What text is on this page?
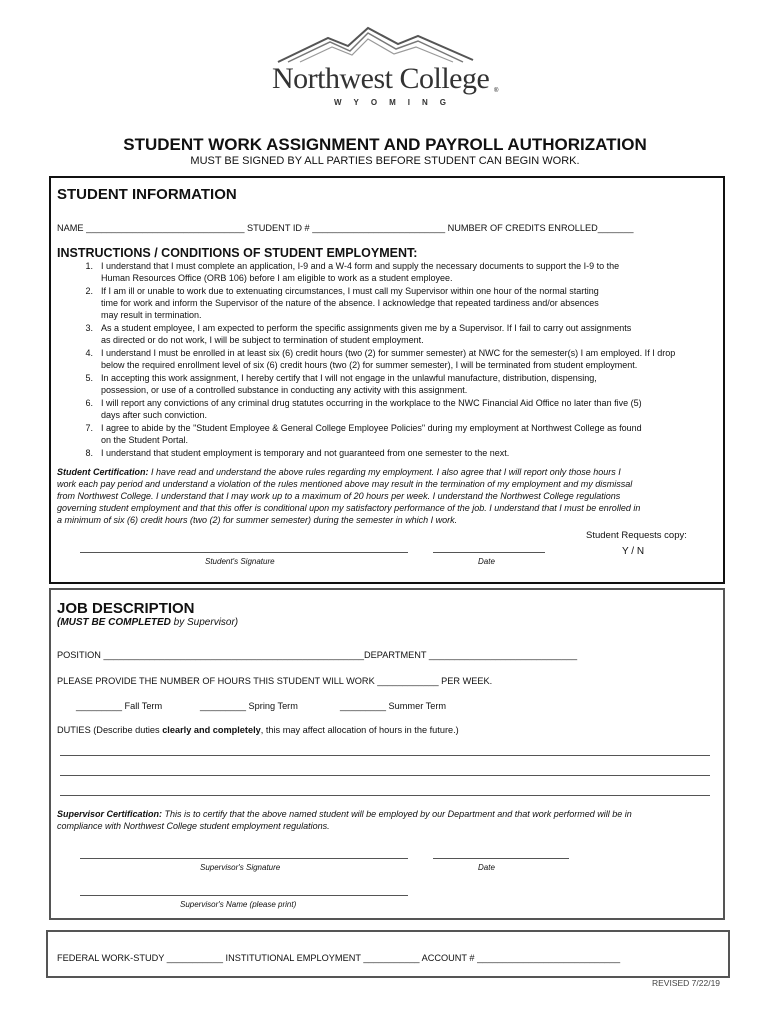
Northwest College ®
WYOMING
STUDENT WORK ASSIGNMENT AND PAYROLL AUTHORIZATION
MUST BE SIGNED BY ALL PARTIES BEFORE STUDENT CAN BEGIN WORK.
STUDENT INFORMATION
NAME _______________________________ STUDENT ID # __________________________ NUMBER OF CREDITS ENROLLED_______
INSTRUCTIONS / CONDITIONS OF STUDENT EMPLOYMENT:
1. I understand that I must complete an application, I-9 and a W-4 form and supply the necessary documents to support the I-9 to the
Human Resources Office (ORB 106) before I am eligible to work as a student employee.
2. If I am ill or unable to work due to extenuating circumstances, I must call my Supervisor within one hour of the normal starting
time for work and inform the Supervisor of the nature of the absence. I acknowledge that repeated tardiness and/or absences
may result in termination.
3. As a student employee, I am expected to perform the specific assignments given me by a Supervisor. If I fail to carry out assignments
as directed or do not work, I will be subject to termination of student employment.
4. I understand I must be enrolled in at least six (6) credit hours (two (2) for summer semester) at NWC for the semester(s) I am employed. If I drop
below the required enrollment level of six (6) credit hours (two (2) for summer semester), I will be terminated from student employment.
5. In accepting this work assignment, I hereby certify that I will not engage in the unlawful manufacture, distribution, dispensing,
possession, or use of a controlled substance in conducting any activity with this assignment.
6. I will report any convictions of any criminal drug statutes occurring in the workplace to the NWC Financial Aid Office no later than five (5)
days after such conviction.
7. I agree to abide by the "Student Employee & General College Employee Policies" during my employment at Northwest College as found
on the Student Portal.
8. I understand that student employment is temporary and not guaranteed from one semester to the next.
Student Certification: I have read and understand the above rules regarding my employment. I also agree that I will report only those hours I
work each pay period and understand a violation of the rules mentioned above may result in the termination of my employment and my dismissal
from Northwest College. I understand that I may work up to a maximum of 20 hours per week. I understand the Northwest College regulations
governing student employment and that this offer is conditional upon my satisfactory performance of the job. I understand that I must be enrolled in
a minimum of six (6) credit hours (two (2) for summer semester) during the semester in which I work.
Student Requests copy:
Y / N
Student's Signature	Date
JOB DESCRIPTION
(MUST BE COMPLETED by Supervisor)
POSITION ___________________________________________________DEPARTMENT _____________________________
PLEASE PROVIDE THE NUMBER OF HOURS THIS STUDENT WILL WORK ____________ PER WEEK.
_________ Fall Term	_________ Spring Term	_________ Summer Term
DUTIES (Describe duties clearly and completely, this may affect allocation of hours in the future.)
Supervisor Certification: This is to certify that the above named student will be employed by our Department and that work performed will be in
compliance with Northwest College student employment regulations.
Supervisor's Signature	Date
Supervisor's Name (please print)
FEDERAL WORK-STUDY ___________ INSTITUTIONAL EMPLOYMENT ___________ ACCOUNT # ____________________________
REVISED 7/22/19
